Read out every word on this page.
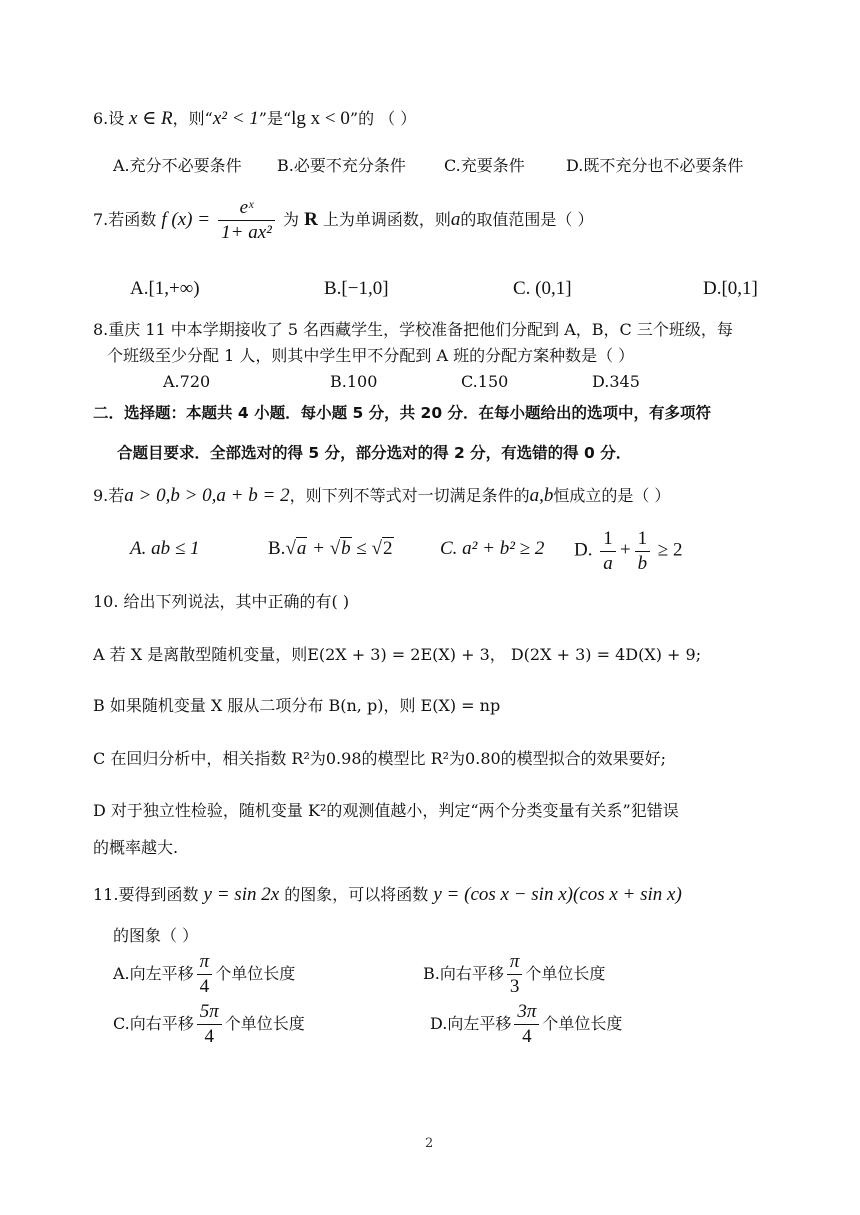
6.设 x ∈ R，则“x² < 1”是“lg x < 0”的 （ ）
A.充分不必要条件 B.必要不充分条件 C.充要条件	D.既不充分也不必要条件
7.若函数 f $(x) = \frac{\text{eˣ}}{\text{1+ ax²}}$ 为 R 上为单调函数，则a的取值范围是（ ）
A.[1,+∞)	B.[−1,0]	C. (0,1]	D.[0,1]
8.重庆 11 中本学期接收了 5 名西藏学生，学校准备把他们分配到 A，B，C 三个班级，每
个班级至少分配 1 人，则其中学生甲不分配到 A 班的分配方案种数是（ ）
A.720	B.100	C.150	D.345
二．选择题：本题共 4 小题．每小题 5 分，共 20 分．在每小题给出的选项中，有多项符
合题目要求．全部选对的得 5 分，部分选对的得 2 分，有选错的得 0 分．
9.若a > 0,b > 0,a + b = 2，则下列不等式对一切满足条件的a,b恒成立的是（ ）
A. ab ≤ 1	B.√a + √b ≤ √2	C. a² + b² ≥ 2 D. $\frac{1}{a} + \frac{1}{b} \ge 2$
10. 给出下列说法，其中正确的有( )
A 若 X 是离散型随机变量，则E(2X + 3) = 2E(X) + 3， D(2X + 3) = 4D(X) + 9;
B 如果随机变量 X 服从二项分布 B(n, p)，则 E(X) = np
C 在回归分析中，相关指数 R²为0.98的模型比 R²为0.80的模型拟合的效果要好;
D 对于独立性检验，随机变量 K²的观测值越小，判定“两个分类变量有关系”犯错误
的概率越大.
11.要得到函数 y = sin 2x 的图象，可以将函数 y = (cos x − sin x)(cos x + sin x)
的图象（ ）
A.向左平移 $\frac{\pi}{4}$ 个单位长度	B.向右平移 $\frac{\pi}{3}$ 个单位长度
C.向右平移 $\frac{5\pi}{4}$ 个单位长度	D.向左平移 $\frac{3\pi}{4}$ 个单位长度
2
